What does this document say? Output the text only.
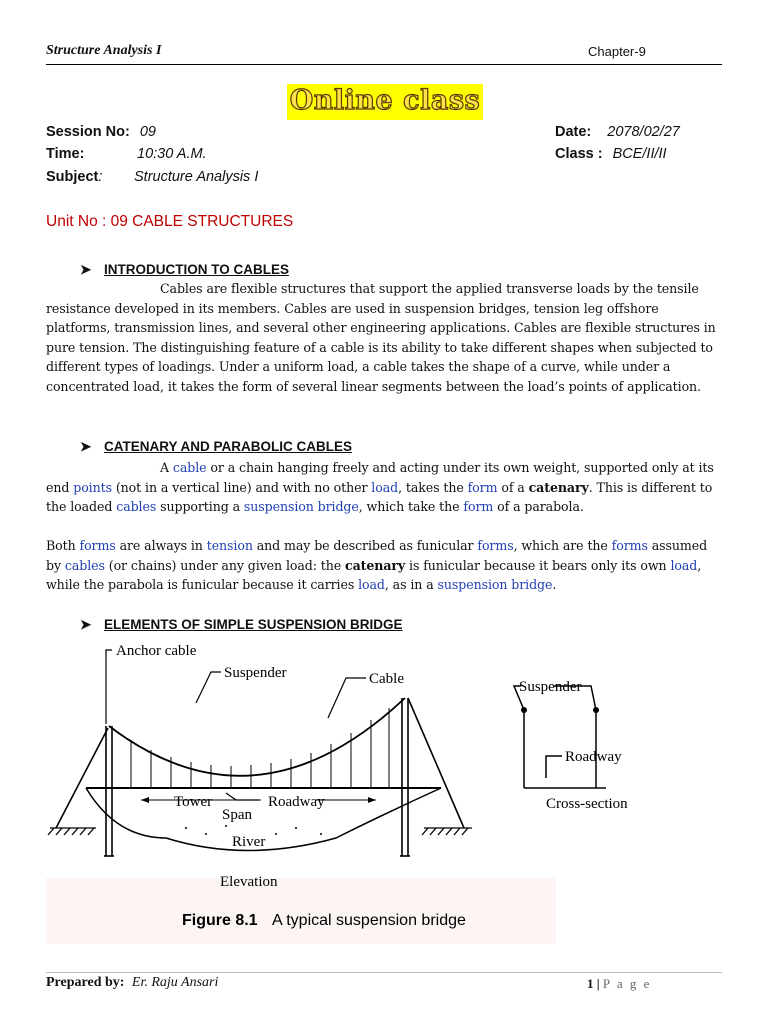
Structure Analysis I	Chapter-9
Online class
Session No: 09	Date: 2078/02/27
Time:	10:30 A.M.	Class : BCE/II/II
Subject: Structure Analysis I
Unit No : 09 CABLE STRUCTURES
➤ INTRODUCTION TO CABLES
Cables are flexible structures that support the applied transverse loads by the tensile resistance developed in its members. Cables are used in suspension bridges, tension leg offshore platforms, transmission lines, and several other engineering applications. Cables are flexible structures in pure tension. The distinguishing feature of a cable is its ability to take different shapes when subjected to different types of loadings. Under a uniform load, a cable takes the shape of a curve, while under a concentrated load, it takes the form of several linear segments between the load’s points of application.
➤ CATENARY AND PARABOLIC CABLES
A cable or a chain hanging freely and acting under its own weight, supported only at its end points (not in a vertical line) and with no other load, takes the form of a catenary. This is different to the loaded cables supporting a suspension bridge, which take the form of a parabola.
Both forms are always in tension and may be described as funicular forms, which are the forms assumed by cables (or chains) under any given load: the catenary is funicular because it bears only its own load, while the parabola is funicular because it carries load, as in a suspension bridge.
➤ ELEMENTS OF SIMPLE SUSPENSION BRIDGE
Anchor cable
Suspender	Cable
Tower	Roadway
Span
River
Elevation
Suspender
Roadway
Cross-section
Figure 8.1 A typical suspension bridge
Prepared by: Er. Raju Ansari	1 | P a g e
